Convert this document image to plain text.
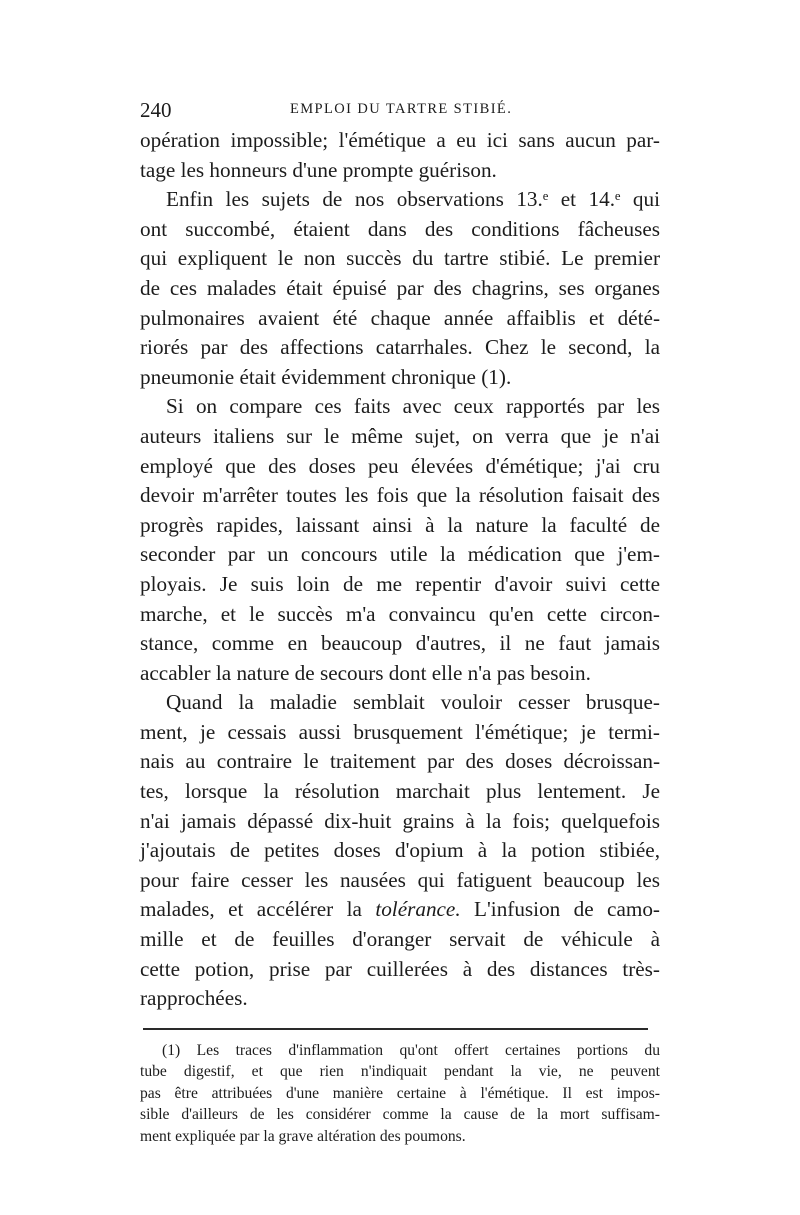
240	EMPLOI DU TARTRE STIBIÉ.

opération impossible; l'émétique a eu ici sans aucun par-
tage les honneurs d'une prompte guérison.

Enfin les sujets de nos observations 13.ᵉ et 14.ᵉ qui
ont succombé, étaient dans des conditions fâcheuses
qui expliquent le non succès du tartre stibié. Le premier
de ces malades était épuisé par des chagrins, ses organes
pulmonaires avaient été chaque année affaiblis et dété-
riorés par des affections catarrhales. Chez le second, la
pneumonie était évidemment chronique (1).

Si on compare ces faits avec ceux rapportés par les
auteurs italiens sur le même sujet, on verra que je n'ai
employé que des doses peu élevées d'émétique; j'ai cru
devoir m'arrêter toutes les fois que la résolution faisait des
progrès rapides, laissant ainsi à la nature la faculté de
seconder par un concours utile la médication que j'em-
ployais. Je suis loin de me repentir d'avoir suivi cette
marche, et le succès m'a convaincu qu'en cette circon-
stance, comme en beaucoup d'autres, il ne faut jamais
accabler la nature de secours dont elle n'a pas besoin.

Quand la maladie semblait vouloir cesser brusque-
ment, je cessais aussi brusquement l'émétique; je termi-
nais au contraire le traitement par des doses décroissan-
tes, lorsque la résolution marchait plus lentement. Je
n'ai jamais dépassé dix-huit grains à la fois; quelquefois
j'ajoutais de petites doses d'opium à la potion stibiée,
pour faire cesser les nausées qui fatiguent beaucoup les
malades, et accélérer la tolérance. L'infusion de camo-
mille et de feuilles d'oranger servait de véhicule à
cette potion, prise par cuillerées à des distances très-
rapprochées.

(1) Les traces d'inflammation qu'ont offert certaines portions du
tube digestif, et que rien n'indiquait pendant la vie, ne peuvent
pas être attribuées d'une manière certaine à l'émétique. Il est impos-
sible d'ailleurs de les considérer comme la cause de la mort suffisam-
ment expliquée par la grave altération des poumons.
